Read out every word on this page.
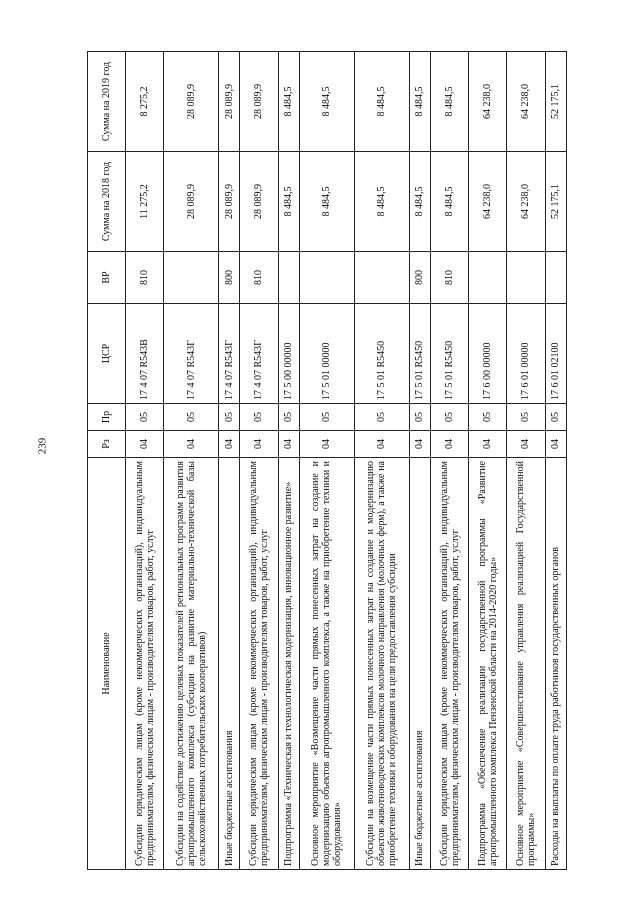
239
Наименование	Рз	Пр	ЦСР	ВР	Сумма на 2018 год	Сумма на 2019 год
Субсидии юридическим лицам (кроме некоммерческих организаций), индивидуальным предпринимателям, физическим лицам - производителям товаров, работ, услуг	04	05	17 4 07 R543В	810	11 275,2	8 275,2
Субсидии на содействие достижению целевых показателей региональных программ развития агропромышленного комплекса (субсидии на развитие материально-технической базы сельскохозяйственных потребительских кооперативов)	04	05	17 4 07 R543Г		28 089,9	28 089,9
Иные бюджетные ассигнования	04	05	17 4 07 R543Г	800	28 089,9	28 089,9
Субсидии юридическим лицам (кроме некоммерческих организаций), индивидуальным предпринимателям, физическим лицам - производителям товаров, работ, услуг	04	05	17 4 07 R543Г	810	28 089,9	28 089,9
Подпрограмма «Техническая и технологическая модернизация, инновационное развитие»	04	05	17 5 00 00000		8 484,5	8 484,5
Основное мероприятие «Возмещение части прямых понесенных затрат на создание и модернизацию объектов агропромышленного комплекса, а также на приобретение техники и оборудования»	04	05	17 5 01 00000		8 484,5	8 484,5
Субсидии на возмещение части прямых понесенных затрат на создание и модернизацию объектов животноводческих комплексов молочного направления (молочных ферм), а также на приобретение техники и оборудования на цели предоставления субсидии	04	05	17 5 01 R5450		8 484,5	8 484,5
Иные бюджетные ассигнования	04	05	17 5 01 R5450	800	8 484,5	8 484,5
Субсидии юридическим лицам (кроме некоммерческих организаций), индивидуальным предпринимателям, физическим лицам - производителям товаров, работ, услуг	04	05	17 5 01 R5450	810	8 484,5	8 484,5
Подпрограмма «Обеспечение реализации государственной программы «Развитие агропромышленного комплекса Пензенской области на 2014-2020 годы»	04	05	17 6 00 00000		64 238,0	64 238,0
Основное мероприятие «Совершенствование управления реализацией Государственной программы»	04	05	17 6 01 00000		64 238,0	64 238,0
Расходы на выплаты по оплате труда работников государственных органов	04	05	17 6 01 02100		52 175,1	52 175,1
